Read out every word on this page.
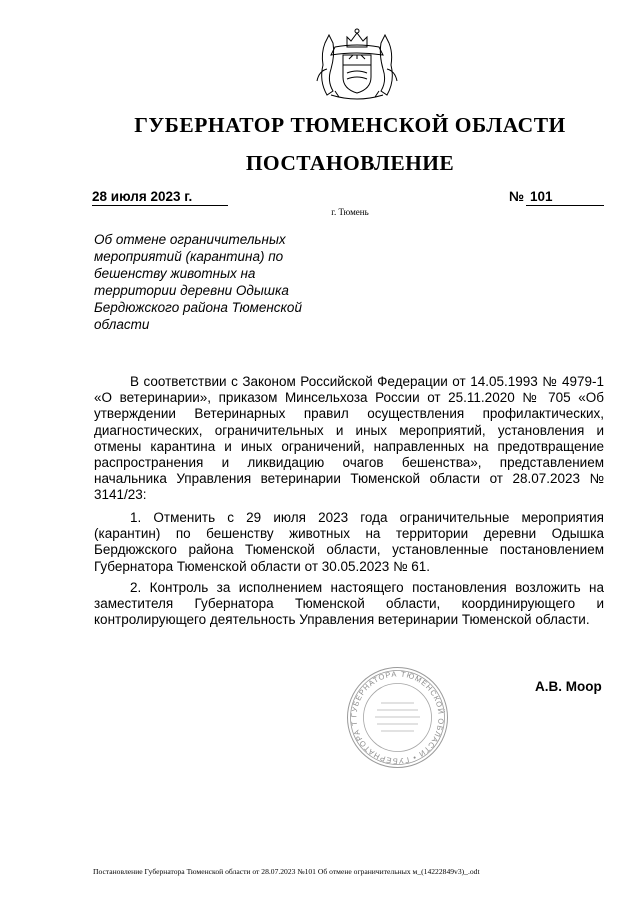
ГУБЕРНАТОР ТЮМЕНСКОЙ ОБЛАСТИ
ПОСТАНОВЛЕНИЕ
28 июля 2023 г.	№ 101
г. Тюмень
Об отмене ограничительных мероприятий (карантина) по бешенству животных на территории деревни Одышка Бердюжского района Тюменской области
В соответствии с Законом Российской Федерации от 14.05.1993 № 4979-1 «О ветеринарии», приказом Минсельхоза России от 25.11.2020 № 705 «Об утверждении Ветеринарных правил осуществления профилактических, диагностических, ограничительных и иных мероприятий, установления и отмены карантина и иных ограничений, направленных на предотвращение распространения и ликвидацию очагов бешенства», представлением начальника Управления ветеринарии Тюменской области от 28.07.2023 № 3141/23:
1. Отменить с 29 июля 2023 года ограничительные мероприятия (карантин) по бешенству животных на территории деревни Одышка Бердюжского района Тюменской области, установленные постановлением Губернатора Тюменской области от 30.05.2023 № 61.
2. Контроль за исполнением настоящего постановления возложить на заместителя Губернатора Тюменской области, координирующего и контролирующего деятельность Управления ветеринарии Тюменской области.
ГУБЕРНАТОРА ТЮМЕНСКОЙ ОБЛАСТИ • ГУБЕРНАТОРА Т
А.В. Моор
Постановление Губернатора Тюменской области от 28.07.2023 №101 Об отмене ограничительных м_(14222849v3)_.odt
